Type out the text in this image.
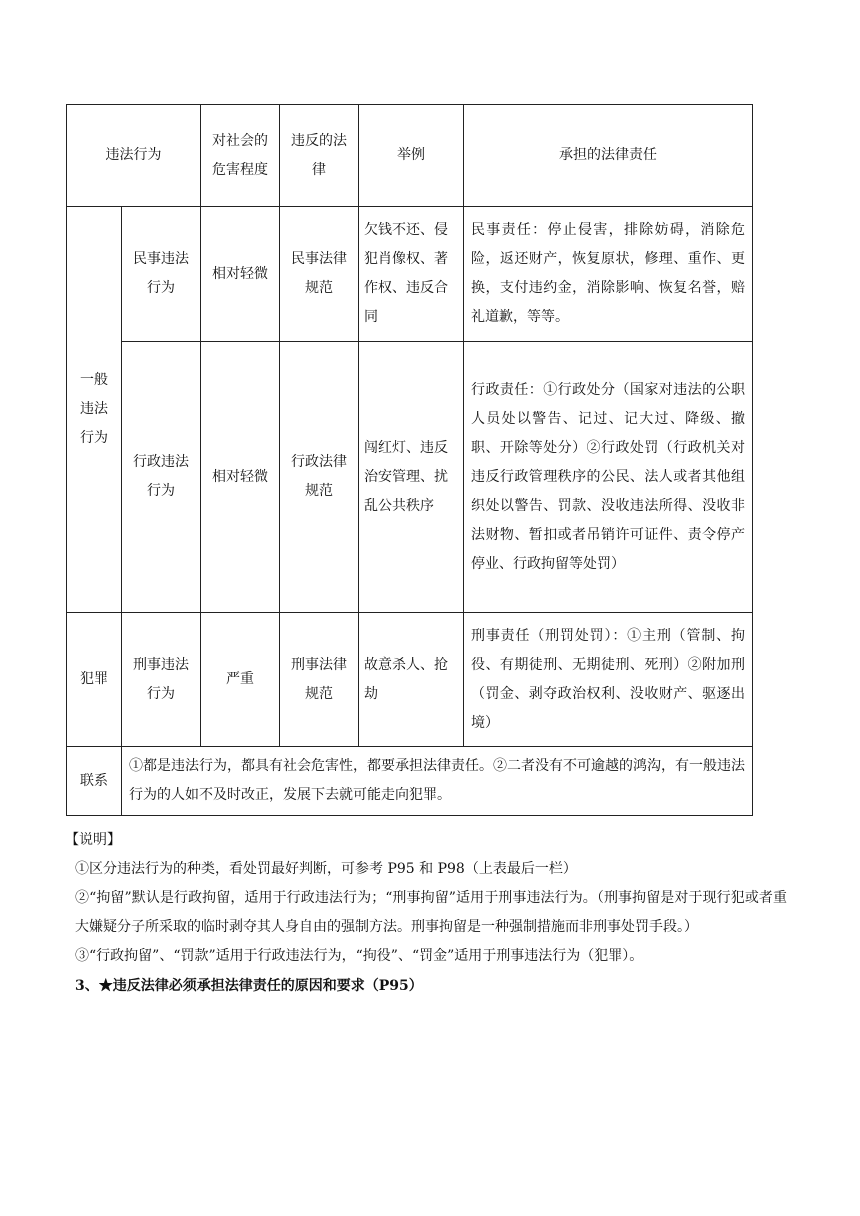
违法行为		对社会的危害程度	违反的法律	举例	承担的法律责任
一般违法行为	民事违法行为	相对轻微	民事法律规范	欠钱不还、侵犯肖像权、著作权、违反合同	民事责任：停止侵害，排除妨碍，消除危险，返还财产，恢复原状，修理、重作、更换，支付违约金，消除影响、恢复名誉，赔礼道歉，等等。
	行政违法行为	相对轻微	行政法律规范	闯红灯、违反治安管理、扰乱公共秩序	行政责任：①行政处分（国家对违法的公职人员处以警告、记过、记大过、降级、撤职、开除等处分）②行政处罚（行政机关对违反行政管理秩序的公民、法人或者其他组织处以警告、罚款、没收违法所得、没收非法财物、暂扣或者吊销许可证件、责令停产停业、行政拘留等处罚）
犯罪	刑事违法行为	严重	刑事法律规范	故意杀人、抢劫	刑事责任（刑罚处罚）：①主刑（管制、拘役、有期徒刑、无期徒刑、死刑）②附加刑（罚金、剥夺政治权利、没收财产、驱逐出境）
联系	①都是违法行为，都具有社会危害性，都要承担法律责任。②二者没有不可逾越的鸿沟，有一般违法行为的人如不及时改正，发展下去就可能走向犯罪。				

【说明】

①区分违法行为的种类，看处罚最好判断，可参考 P95 和 P98（上表最后一栏）

②“拘留”默认是行政拘留，适用于行政违法行为；“刑事拘留”适用于刑事违法行为。（刑事拘留是对于现行犯或者重大嫌疑分子所采取的临时剥夺其人身自由的强制方法。刑事拘留是一种强制措施而非刑事处罚手段。）

③“行政拘留”、“罚款”适用于行政违法行为，“拘役”、“罚金”适用于刑事违法行为（犯罪）。

3、★违反法律必须承担法律责任的原因和要求（P95）
